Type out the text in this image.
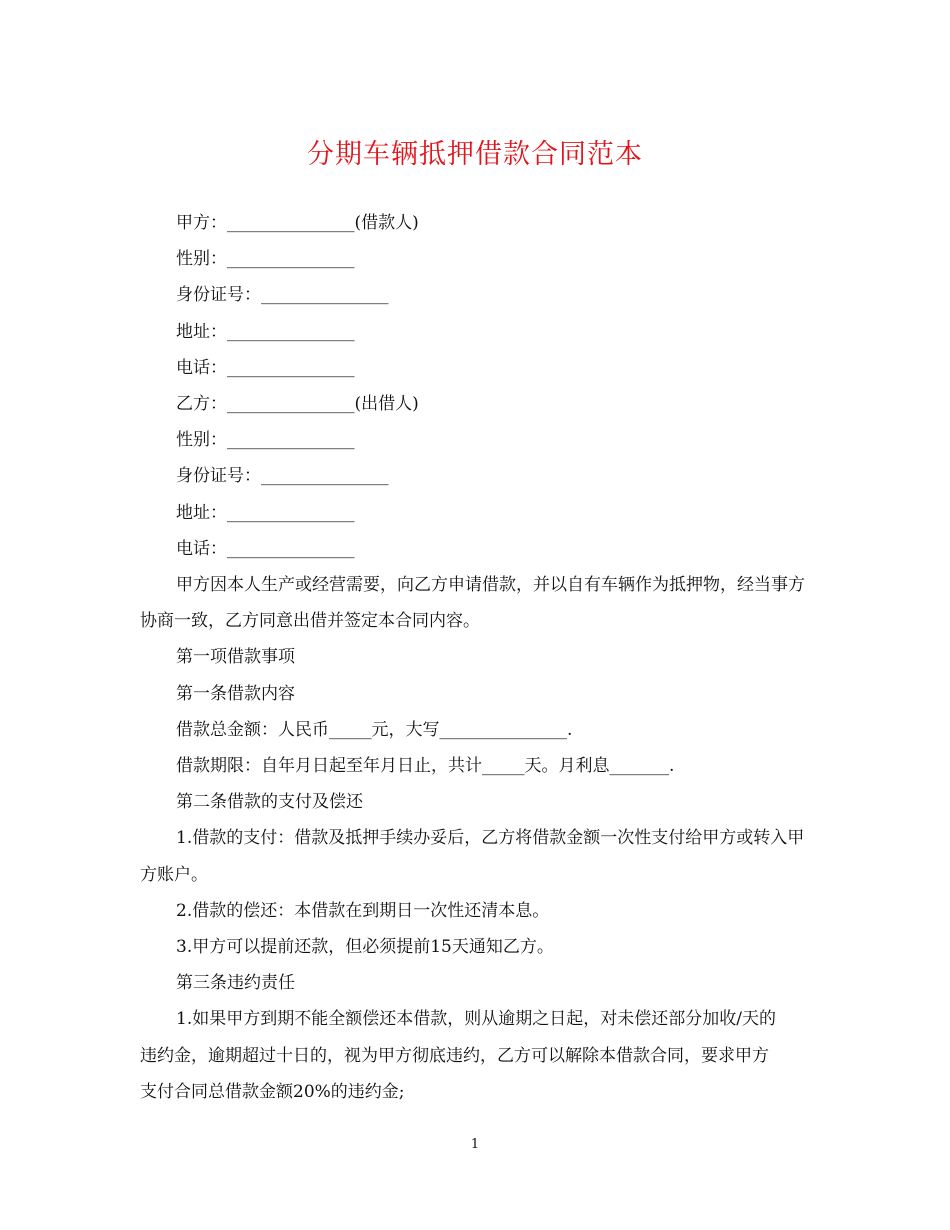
分期车辆抵押借款合同范本

甲方：_______________(借款人)

性别：_______________

身份证号：_______________

地址：_______________

电话：_______________

乙方：_______________(出借人)

性别：_______________

身份证号：_______________

地址：_______________

电话：_______________

甲方因本人生产或经营需要，向乙方申请借款，并以自有车辆作为抵押物，经当事方协商一致，乙方同意出借并签定本合同内容。

第一项借款事项

第一条借款内容

借款总金额：人民币_____元，大写_______________.

借款期限：自年月日起至年月日止，共计_____天。月利息_______.

第二条借款的支付及偿还

1.借款的支付：借款及抵押手续办妥后，乙方将借款金额一次性支付给甲方或转入甲方账户。

2.借款的偿还：本借款在到期日一次性还清本息。

3.甲方可以提前还款，但必须提前15天通知乙方。

第三条违约责任

1.如果甲方到期不能全额偿还本借款，则从逾期之日起，对未偿还部分加收/天的违约金，逾期超过十日的，视为甲方彻底违约，乙方可以解除本借款合同，要求甲方支付合同总借款金额20%的违约金;

1
